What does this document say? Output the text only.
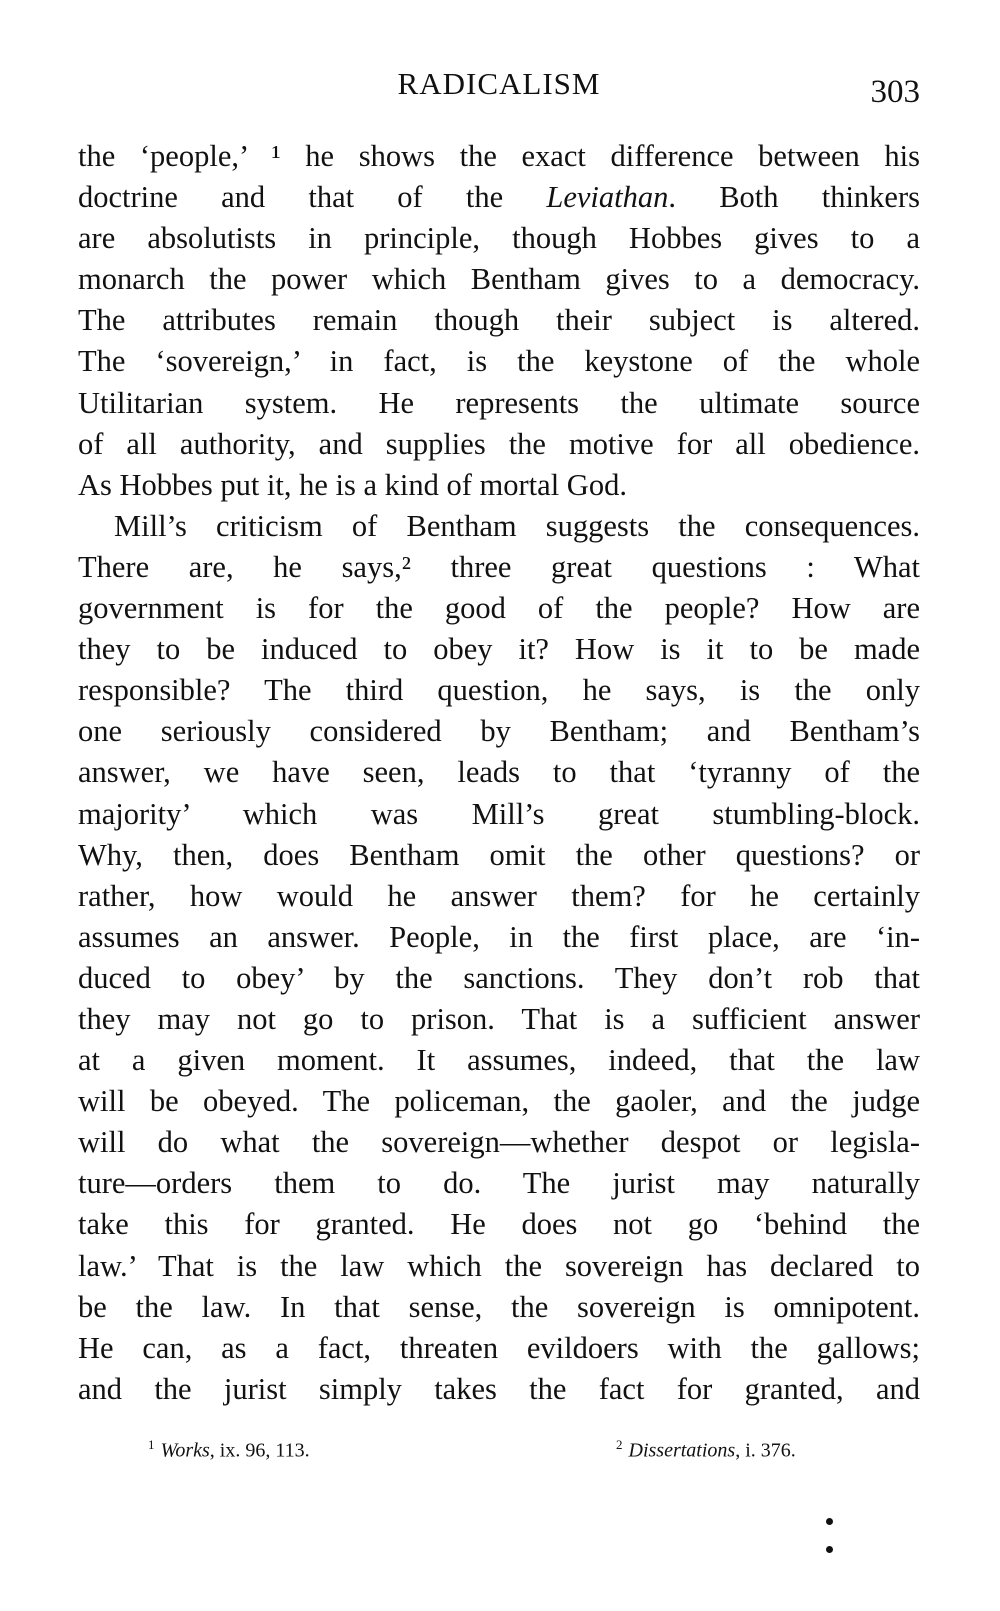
RADICALISM	303
the ‘people,’ ¹ he shows the exact difference between his
doctrine and that of the Leviathan. Both thinkers
are absolutists in principle, though Hobbes gives to a
monarch the power which Bentham gives to a democracy.
The attributes remain though their subject is altered.
The ‘sovereign,’ in fact, is the keystone of the whole
Utilitarian system. He represents the ultimate source
of all authority, and supplies the motive for all obedience.
As Hobbes put it, he is a kind of mortal God.
Mill’s criticism of Bentham suggests the consequences.
There are, he says,² three great questions : What
government is for the good of the people? How are
they to be induced to obey it? How is it to be made
responsible? The third question, he says, is the only
one seriously considered by Bentham; and Bentham’s
answer, we have seen, leads to that ‘tyranny of the
majority’ which was Mill’s great stumbling-block.
Why, then, does Bentham omit the other questions? or
rather, how would he answer them? for he certainly
assumes an answer. People, in the first place, are ‘in-
duced to obey’ by the sanctions. They don’t rob that
they may not go to prison. That is a sufficient answer
at a given moment. It assumes, indeed, that the law
will be obeyed. The policeman, the gaoler, and the judge
will do what the sovereign—whether despot or legisla-
ture—orders them to do. The jurist may naturally
take this for granted. He does not go ‘behind the
law.’ That is the law which the sovereign has declared to
be the law. In that sense, the sovereign is omnipotent.
He can, as a fact, threaten evildoers with the gallows;
and the jurist simply takes the fact for granted, and
$^1$ Works, ix. 96, 113.	$^2$ Dissertations, i. 376.
